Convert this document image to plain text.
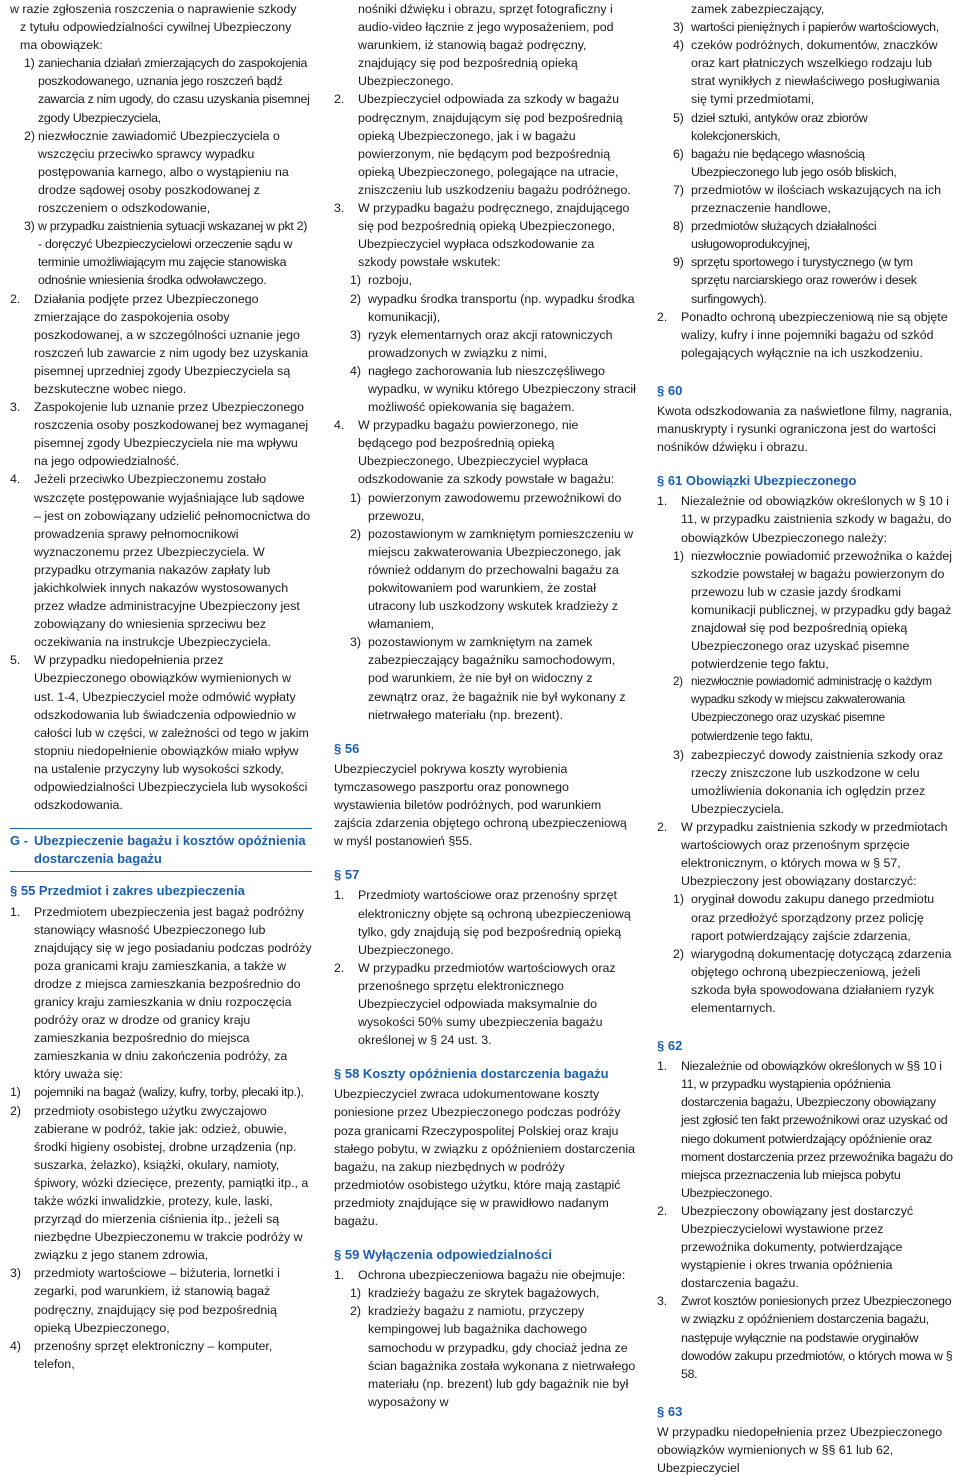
w razie zgłoszenia roszczenia o naprawienie szkody

z tytułu odpowiedzialności cywilnej Ubezpieczony

ma obowiązek:

1) zaniechania działań zmierzających do zaspokojenia poszkodowanego, uznania jego roszczeń bądź zawarcia z nim ugody, do czasu uzyskania pisemnej zgody Ubezpieczyciela,
2) niezwłocznie zawiadomić Ubezpieczyciela o wszczęciu przeciwko sprawcy wypadku postępowania karnego, albo o wystąpieniu na drodze sądowej osoby poszkodowanej z roszczeniem o odszkodowanie,
3) w przypadku zaistnienia sytuacji wskazanej w pkt 2) - doręczyć Ubezpieczycielowi orzeczenie sądu w terminie umożliwiającym mu zajęcie stanowiska odnośnie wniesienia środka odwoławczego.
2. Działania podjęte przez Ubezpieczonego zmierzające do zaspokojenia osoby poszkodowanej, a w szczególności uznanie jego roszczeń lub zawarcie z nim ugody bez uzyskania pisemnej uprzedniej zgody Ubezpieczyciela są bezskuteczne wobec niego.
3. Zaspokojenie lub uznanie przez Ubezpieczonego roszczenia osoby poszkodowanej bez wymaganej pisemnej zgody Ubezpieczyciela nie ma wpływu na jego odpowiedzialność.
4. Jeżeli przeciwko Ubezpieczonemu zostało wszczęte postępowanie wyjaśniające lub sądowe – jest on zobowiązany udzielić pełnomocnictwa do prowadzenia sprawy pełnomocnikowi wyznaczonemu przez Ubezpieczyciela. W przypadku otrzymania nakazów zapłaty lub jakichkolwiek innych nakazów wystosowanych przez władze administracyjne Ubezpieczony jest zobowiązany do wniesienia sprzeciwu bez oczekiwania na instrukcje Ubezpieczyciela.
5. W przypadku niedopełnienia przez Ubezpieczonego obowiązków wymienionych w ust. 1-4, Ubezpieczyciel może odmówić wypłaty odszkodowania lub świadczenia odpowiednio w całości lub w części, w zależności od tego w jakim stopniu niedopełnienie obowiązków miało wpływ na ustalenie przyczyny lub wysokości szkody, odpowiedzialności Ubezpieczyciela lub wysokości odszkodowania.
G - Ubezpieczenie bagażu i kosztów opóźnienia dostarczenia bagażu
§ 55 Przedmiot i zakres ubezpieczenia
1. Przedmiotem ubezpieczenia jest bagaż podróżny stanowiący własność Ubezpieczonego lub znajdujący się w jego posiadaniu podczas podróży poza granicami kraju zamieszkania, a także w drodze z miejsca zamieszkania bezpośrednio do granicy kraju zamieszkania w dniu rozpoczęcia podróży oraz w drodze od granicy kraju zamieszkania bezpośrednio do miejsca zamieszkania w dniu zakończenia podróży, za który uważa się:
1) pojemniki na bagaż (walizy, kufry, torby, plecaki itp.),
2) przedmioty osobistego użytku zwyczajowo zabierane w podróż, takie jak: odzież, obuwie, środki higieny osobistej, drobne urządzenia (np. suszarka, żelazko), książki, okulary, namioty, śpiwory, wózki dziecięce, prezenty, pamiątki itp., a także wózki inwalidzkie, protezy, kule, laski, przyrząd do mierzenia ciśnienia itp., jeżeli są niezbędne Ubezpieczonemu w trakcie podróży w związku z jego stanem zdrowia,
3) przedmioty wartościowe – biżuteria, lornetki i zegarki, pod warunkiem, iż stanowią bagaż podręczny, znajdujący się pod bezpośrednią opieką Ubezpieczonego,
4) przenośny sprzęt elektroniczny – komputer, telefon,

nośniki dźwięku i obrazu, sprzęt fotograficzny i audio-video łącznie z jego wyposażeniem, pod warunkiem, iż stanowią bagaż podręczny, znajdujący się pod bezpośrednią opieką Ubezpieczonego.

2. Ubezpieczyciel odpowiada za szkody w bagażu podręcznym, znajdującym się pod bezpośrednią opieką Ubezpieczonego, jak i w bagażu powierzonym, nie będącym pod bezpośrednią opieką Ubezpieczonego, polegające na utracie, zniszczeniu lub uszkodzeniu bagażu podróżnego.
3. W przypadku bagażu podręcznego, znajdującego się pod bezpośrednią opieką Ubezpieczonego, Ubezpieczyciel wypłaca odszkodowanie za szkody powstałe wskutek:
1) rozboju,
2) wypadku środka transportu (np. wypadku środka komunikacji),
3) ryzyk elementarnych oraz akcji ratowniczych prowadzonych w związku z nimi,
4) nagłego zachorowania lub nieszczęśliwego wypadku, w wyniku którego Ubezpieczony stracił możliwość opiekowania się bagażem.
4. W przypadku bagażu powierzonego, nie będącego pod bezpośrednią opieką Ubezpieczonego, Ubezpieczyciel wypłaca odszkodowanie za szkody powstałe w bagażu:
1) powierzonym zawodowemu przewoźnikowi do przewozu,
2) pozostawionym w zamkniętym pomieszczeniu w miejscu zakwaterowania Ubezpieczonego, jak również oddanym do przechowalni bagażu za pokwitowaniem pod warunkiem, że został utracony lub uszkodzony wskutek kradzieży z włamaniem,
3) pozostawionym w zamkniętym na zamek zabezpieczający bagażniku samochodowym, pod warunkiem, że nie był on widoczny z zewnątrz oraz, że bagażnik nie był wykonany z nietrwałego materiału (np. brezent).
§ 56

Ubezpieczyciel pokrywa koszty wyrobienia tymczasowego paszportu oraz ponownego wystawienia biletów podróżnych, pod warunkiem zajścia zdarzenia objętego ochroną ubezpieczeniową w myśl postanowień §55.

§ 57
1. Przedmioty wartościowe oraz przenośny sprzęt elektroniczny objęte są ochroną ubezpieczeniową tylko, gdy znajdują się pod bezpośrednią opieką Ubezpieczonego.
2. W przypadku przedmiotów wartościowych oraz przenośnego sprzętu elektronicznego Ubezpieczyciel odpowiada maksymalnie do wysokości 50% sumy ubezpieczenia bagażu określonej w § 24 ust. 3.
§ 58 Koszty opóźnienia dostarczenia bagażu

Ubezpieczyciel zwraca udokumentowane koszty poniesione przez Ubezpieczonego podczas podróży poza granicami Rzeczypospolitej Polskiej oraz kraju stałego pobytu, w związku z opóźnieniem dostarczenia bagażu, na zakup niezbędnych w podróży przedmiotów osobistego użytku, które mają zastąpić przedmioty znajdujące się w prawidłowo nadanym bagażu.

§ 59 Wyłączenia odpowiedzialności
1. Ochrona ubezpieczeniowa bagażu nie obejmuje:
1) kradzieży bagażu ze skrytek bagażowych,
2) kradzieży bagażu z namiotu, przyczepy kempingowej lub bagażnika dachowego samochodu w przypadku, gdy chociaż jedna ze ścian bagażnika została wykonana z nietrwałego materiału (np. brezent) lub gdy bagażnik nie był wyposażony w

zamek zabezpieczający,

3) wartości pieniężnych i papierów wartościowych,
4) czeków podróżnych, dokumentów, znaczków oraz kart płatniczych wszelkiego rodzaju lub strat wynikłych z niewłaściwego posługiwania się tymi przedmiotami,
5) dzieł sztuki, antyków oraz zbiorów kolekcjonerskich,
6) bagażu nie będącego własnością Ubezpieczonego lub jego osób bliskich,
7) przedmiotów w ilościach wskazujących na ich przeznaczenie handlowe,
8) przedmiotów służących działalności usługowoprodukcyjnej,
9) sprzętu sportowego i turystycznego (w tym sprzętu narciarskiego oraz rowerów i desek surfingowych).
2. Ponadto ochroną ubezpieczeniową nie są objęte walizy, kufry i inne pojemniki bagażu od szkód polegających wyłącznie na ich uszkodzeniu.
§ 60

Kwota odszkodowania za naświetlone filmy, nagrania, manuskrypty i rysunki ograniczona jest do wartości nośników dźwięku i obrazu.

§ 61 Obowiązki Ubezpieczonego
1. Niezależnie od obowiązków określonych w § 10 i 11, w przypadku zaistnienia szkody w bagażu, do obowiązków Ubezpieczonego należy:
1) niezwłocznie powiadomić przewoźnika o każdej szkodzie powstałej w bagażu powierzonym do przewozu lub w czasie jazdy środkami komunikacji publicznej, w przypadku gdy bagaż znajdował się pod bezpośrednią opieką Ubezpieczonego oraz uzyskać pisemne potwierdzenie tego faktu,
2) niezwłocznie powiadomić administrację o każdym wypadku szkody w miejscu zakwaterowania Ubezpieczonego oraz uzyskać pisemne potwierdzenie tego faktu,
3) zabezpieczyć dowody zaistnienia szkody oraz rzeczy zniszczone lub uszkodzone w celu umożliwienia dokonania ich oględzin przez Ubezpieczyciela.
2. W przypadku zaistnienia szkody w przedmiotach wartościowych oraz przenośnym sprzęcie elektronicznym, o których mowa w § 57, Ubezpieczony jest obowiązany dostarczyć:
1) oryginał dowodu zakupu danego przedmiotu oraz przedłożyć sporządzony przez policję raport potwierdzający zajście zdarzenia,
2) wiarygodną dokumentację dotyczącą zdarzenia objętego ochroną ubezpieczeniową, jeżeli szkoda była spowodowana działaniem ryzyk elementarnych.
§ 62
1. Niezależnie od obowiązków określonych w §§ 10 i 11, w przypadku wystąpienia opóźnienia dostarczenia bagażu, Ubezpieczony obowiązany jest zgłosić ten fakt przewoźnikowi oraz uzyskać od niego dokument potwierdzający opóźnienie oraz moment dostarczenia przez przewoźnika bagażu do miejsca przeznaczenia lub miejsca pobytu Ubezpieczonego.
2. Ubezpieczony obowiązany jest dostarczyć Ubezpieczycielowi wystawione przez przewoźnika dokumenty, potwierdzające wystąpienie i okres trwania opóźnienia dostarczenia bagażu.
3. Zwrot kosztów poniesionych przez Ubezpieczonego w związku z opóźnieniem dostarczenia bagażu, następuje wyłącznie na podstawie oryginałów dowodów zakupu przedmiotów, o których mowa w § 58.
§ 63

W przypadku niedopełnienia przez Ubezpieczonego obowiązków wymienionych w §§ 61 lub 62, Ubezpieczyciel
